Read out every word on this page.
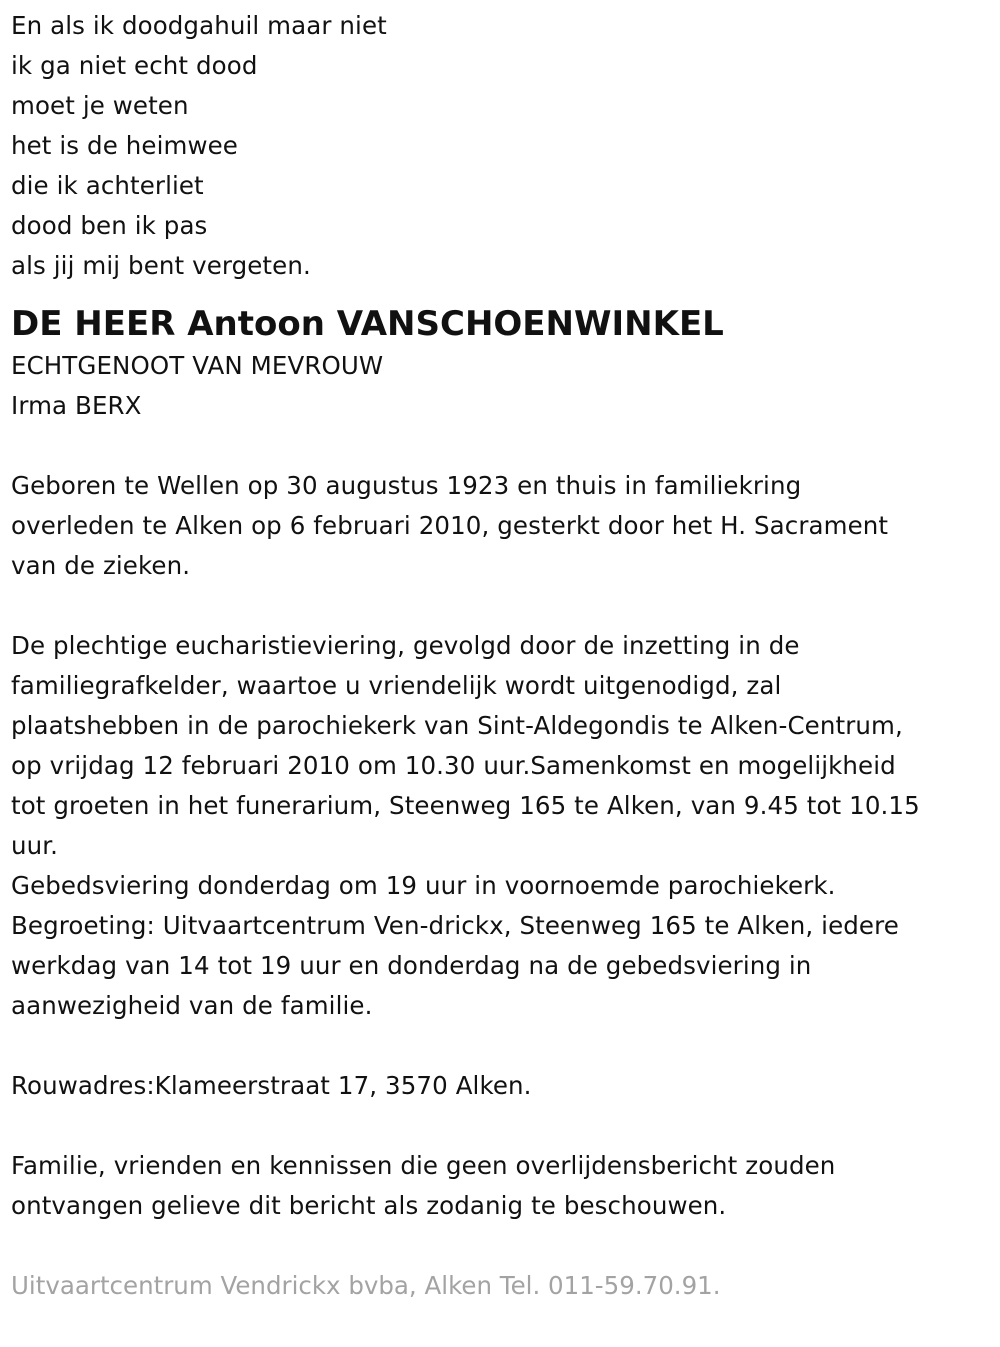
En als ik doodgahuil maar niet
ik ga niet echt dood
moet je weten
het is de heimwee
die ik achterliet
dood ben ik pas
als jij mij bent vergeten.
DE HEER Antoon VANSCHOENWINKEL
ECHTGENOOT VAN MEVROUW
Irma BERX
Geboren te Wellen op 30 augustus 1923 en thuis in familiekring
overleden te Alken op 6 februari 2010, gesterkt door het H. Sacrament
van de zieken.
De plechtige eucharistieviering, gevolgd door de inzetting in de
familiegrafkelder, waartoe u vriendelijk wordt uitgenodigd, zal
plaatshebben in de parochiekerk van Sint-Aldegondis te Alken-Centrum,
op vrijdag 12 februari 2010 om 10.30 uur.Samenkomst en mogelijkheid
tot groeten in het funerarium, Steenweg 165 te Alken, van 9.45 tot 10.15
uur.
Gebedsviering donderdag om 19 uur in voornoemde parochiekerk.
Begroeting: Uitvaartcentrum Ven-drickx, Steenweg 165 te Alken, iedere
werkdag van 14 tot 19 uur en donderdag na de gebedsviering in
aanwezigheid van de familie.
Rouwadres:Klameerstraat 17, 3570 Alken.
Familie, vrienden en kennissen die geen overlijdensbericht zouden
ontvangen gelieve dit bericht als zodanig te beschouwen.
Uitvaartcentrum Vendrickx bvba, Alken Tel. 011-59.70.91.
